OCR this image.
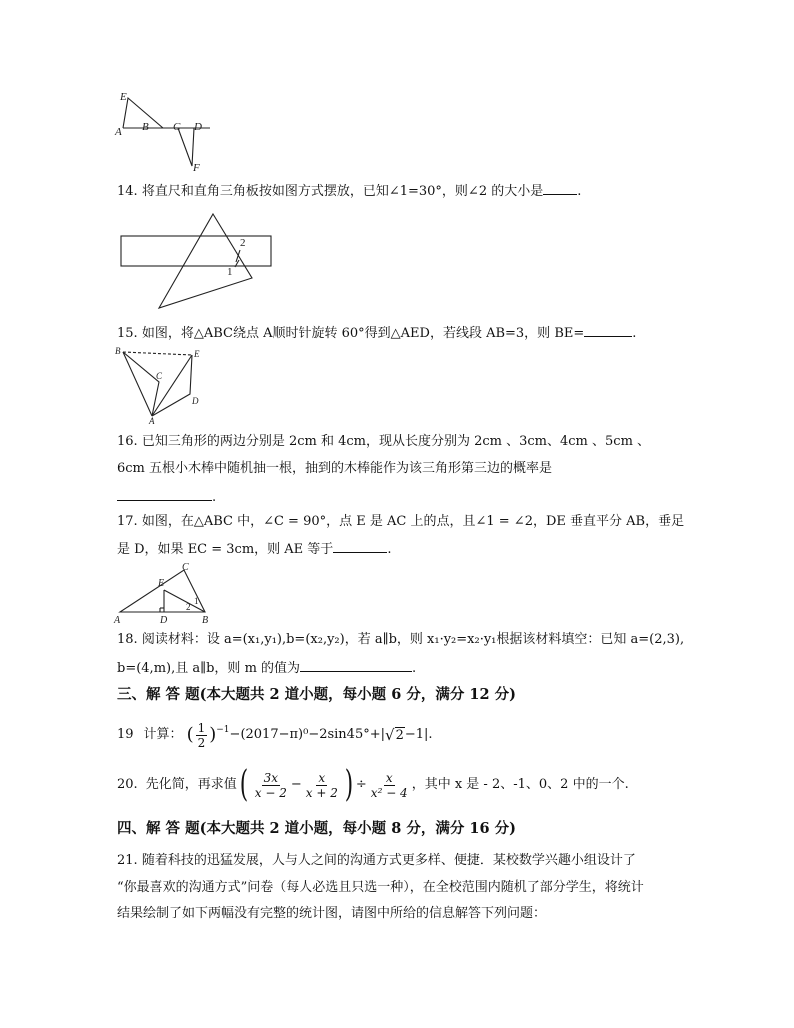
E
A B C D
F
14. 将直尺和直角三角板按如图方式摆放，已知∠1=30°，则∠2 的大小是	.
2
1
15. 如图，将△ABC绕点 A顺时针旋转 60°得到△AED，若线段 AB=3，则 BE=	.
B	E
C
A
D
16. 已知三角形的两边分别是 2cm 和 4cm，现从长度分别为 2cm 、3cm、4cm 、5cm 、
6cm 五根小木棒中随机抽一根，抽到的木棒能作为该三角形第三边的概率是
.
17. 如图，在△ABC 中，∠C = 90°，点 E 是 AC 上的点，且∠1 = ∠2，DE 垂直平分 AB，垂足
是 D，如果 EC = 3cm，则 AE 等于	.
C
E
A	D	B
2
1
18. 阅读材料：设 a=(x₁,y₁),b=(x₂,y₂)，若 a∥b，则 x₁·y₂=x₂·y₁根据该材料填空：已知 a=(2,3),
b=(4,m),且 a∥b，则 m 的值为	.
三、解 答 题(本大题共 2 道小题，每小题 6 分，满分 12 分)
19 计算： ( $\frac{1}{2} )^{-1} -(2017-\pi)^0-2\sin 45^\circ+|$ √ 2 −1|.
20. 先化简，再求值 ( $\frac{3x}{x - 2} - \frac{x}{x + 2}$ ) ÷ $\frac{x}{\text{x² − 4}}$ ，其中 x 是 - 2、-1、0、2 中的一个.
四、解 答 题(本大题共 2 道小题，每小题 8 分，满分 16 分)
21. 随着科技的迅猛发展，人与人之间的沟通方式更多样、便捷．某校数学兴趣小组设计了
“你最喜欢的沟通方式”问卷（每人必选且只选一种），在全校范围内随机了部分学生，将统计
结果绘制了如下两幅没有完整的统计图，请图中所给的信息解答下列问题：
